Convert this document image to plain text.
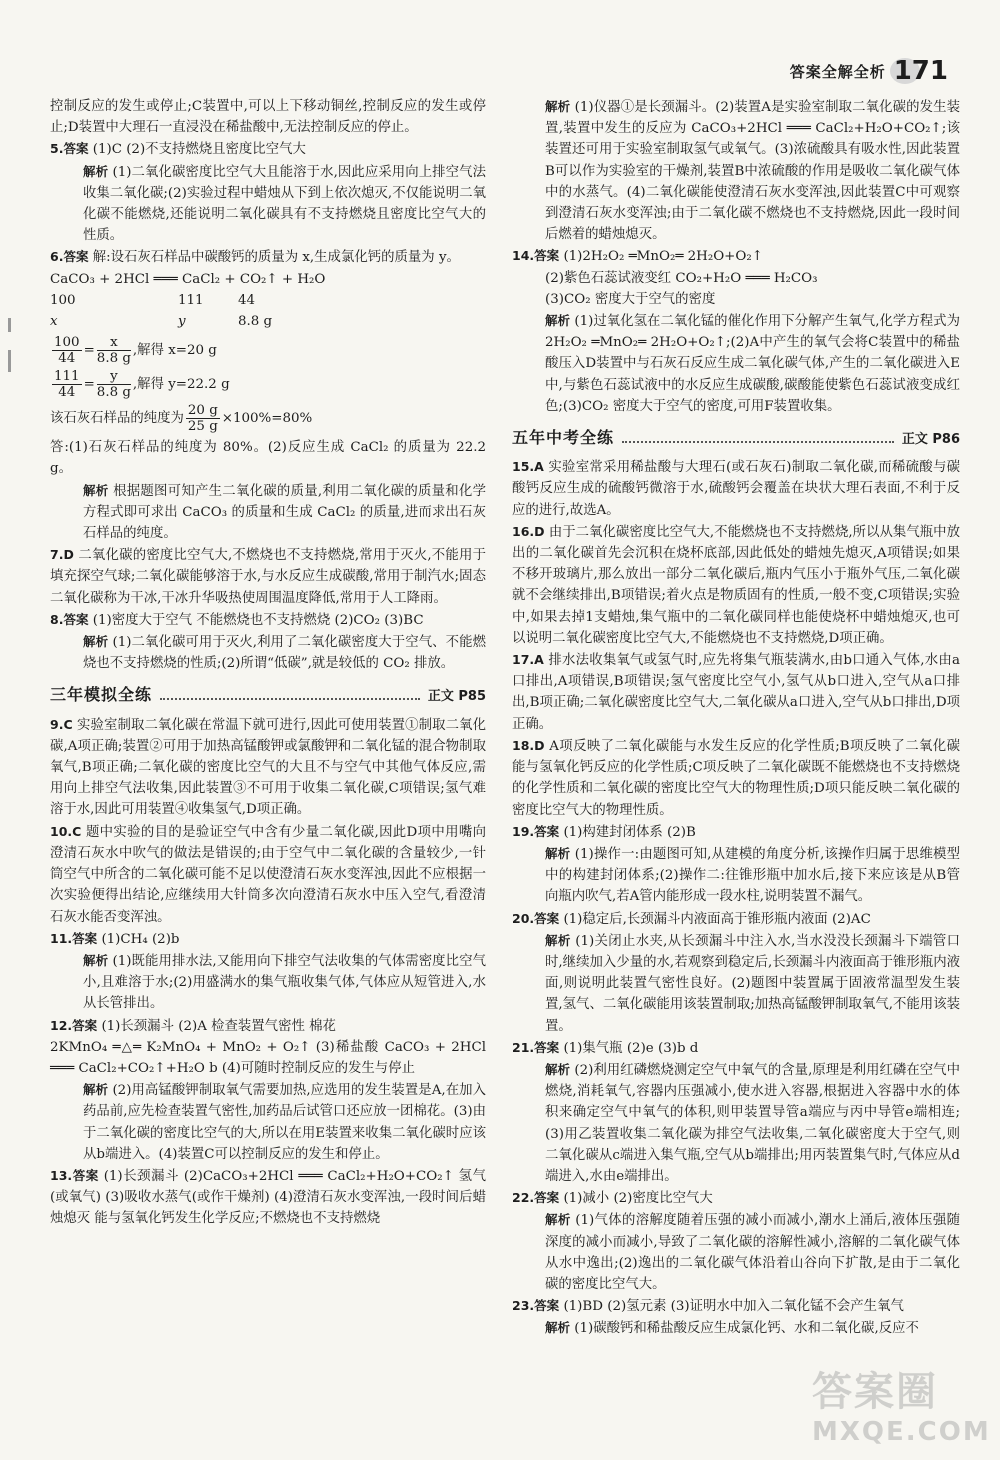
答案全解全析 171

控制反应的发生或停止;C装置中,可以上下移动铜丝,控制反应的发生或停止;D装置中大理石一直浸没在稀盐酸中,无法控制反应的停止。

5.答案 (1)C (2)不支持燃烧且密度比空气大

解析 (1)二氧化碳密度比空气大且能溶于水,因此应采用向上排空气法收集二氧化碳;(2)实验过程中蜡烛从下到上依次熄灭,不仅能说明二氧化碳不能燃烧,还能说明二氧化碳具有不支持燃烧且密度比空气大的性质。

6.答案 解:设石灰石样品中碳酸钙的质量为 x,生成氯化钙的质量为 y。

CaCO₃ + 2HCl ═══ CaCl₂ + CO₂↑ + H₂O

100	111	44
x	y	8.8 g

$\frac{100}{44} = \frac{x}{8.8 g}$ ,解得 x=20 g

$\frac{111}{44} = \frac{y}{8.8 g}$ ,解得 y=22.2 g

该石灰石样品的纯度为 $\frac{20 g}{25 g} \times 100\%=80\%$

答:(1)石灰石样品的纯度为 80%。(2)反应生成 CaCl₂ 的质量为 22.2 g。

解析 根据题图可知产生二氧化碳的质量,利用二氧化碳的质量和化学方程式即可求出 CaCO₃ 的质量和生成 CaCl₂ 的质量,进而求出石灰石样品的纯度。

7.D 二氧化碳的密度比空气大,不燃烧也不支持燃烧,常用于灭火,不能用于填充探空气球;二氧化碳能够溶于水,与水反应生成碳酸,常用于制汽水;固态二氧化碳称为干冰,干冰升华吸热使周围温度降低,常用于人工降雨。

8.答案 (1)密度大于空气 不能燃烧也不支持燃烧 (2)CO₂ (3)BC

解析 (1)二氧化碳可用于灭火,利用了二氧化碳密度大于空气、不能燃烧也不支持燃烧的性质;(2)所谓“低碳”,就是较低的 CO₂ 排放。

三年模拟全练	正文 P85

9.C 实验室制取二氧化碳在常温下就可进行,因此可使用装置①制取二氧化碳,A项正确;装置②可用于加热高锰酸钾或氯酸钾和二氧化锰的混合物制取氧气,B项正确;二氧化碳的密度比空气的大且不与空气中其他气体反应,需用向上排空气法收集,因此装置③不可用于收集二氧化碳,C项错误;氢气难溶于水,因此可用装置④收集氢气,D项正确。

10.C 题中实验的目的是验证空气中含有少量二氧化碳,因此D项中用嘴向澄清石灰水中吹气的做法是错误的;由于空气中二氧化碳的含量较少,一针筒空气中所含的二氧化碳可能不足以使澄清石灰水变浑浊,因此不应根据一次实验便得出结论,应继续用大针筒多次向澄清石灰水中压入空气,看澄清石灰水能否变浑浊。

11.答案 (1)CH₄ (2)b

解析 (1)既能用排水法,又能用向下排空气法收集的气体需密度比空气小,且难溶于水;(2)用盛满水的集气瓶收集气体,气体应从短管进入,水从长管排出。

12.答案 (1)长颈漏斗 (2)A 检查装置气密性 棉花

2KMnO₄ ═△═ K₂MnO₄ + MnO₂ + O₂↑ (3)稀盐酸 CaCO₃ + 2HCl ═══ CaCl₂+CO₂↑+H₂O b (4)可随时控制反应的发生与停止

解析 (2)用高锰酸钾制取氧气需要加热,应选用的发生装置是A,在加入药品前,应先检查装置气密性,加药品后试管口还应放一团棉花。(3)由于二氧化碳的密度比空气的大,所以在用E装置来收集二氧化碳时应该从b端进入。(4)装置C可以控制反应的发生和停止。

13.答案 (1)长颈漏斗 (2)CaCO₃+2HCl ═══ CaCl₂+H₂O+CO₂↑ 氢气(或氧气) (3)吸收水蒸气(或作干燥剂) (4)澄清石灰水变浑浊,一段时间后蜡烛熄灭 能与氢氧化钙发生化学反应;不燃烧也不支持燃烧

解析 (1)仪器①是长颈漏斗。(2)装置A是实验室制取二氧化碳的发生装置,装置中发生的反应为 CaCO₃+2HCl ═══ CaCl₂+H₂O+CO₂↑;该装置还可用于实验室制取氢气或氧气。(3)浓硫酸具有吸水性,因此装置B可以作为实验室的干燥剂,装置B中浓硫酸的作用是吸收二氧化碳气体中的水蒸气。(4)二氧化碳能使澄清石灰水变浑浊,因此装置C中可观察到澄清石灰水变浑浊;由于二氧化碳不燃烧也不支持燃烧,因此一段时间后燃着的蜡烛熄灭。

14.答案 (1)2H₂O₂ ═MnO₂═ 2H₂O+O₂↑

(2)紫色石蕊试液变红 CO₂+H₂O ═══ H₂CO₃

(3)CO₂ 密度大于空气的密度

解析 (1)过氧化氢在二氧化锰的催化作用下分解产生氧气,化学方程式为 2H₂O₂ ═MnO₂═ 2H₂O+O₂↑;(2)A中产生的氧气会将C装置中的稀盐酸压入D装置中与石灰石反应生成二氧化碳气体,产生的二氧化碳进入E中,与紫色石蕊试液中的水反应生成碳酸,碳酸能使紫色石蕊试液变成红色;(3)CO₂ 密度大于空气的密度,可用F装置收集。

五年中考全练	正文 P86

15.A 实验室常采用稀盐酸与大理石(或石灰石)制取二氧化碳,而稀硫酸与碳酸钙反应生成的硫酸钙微溶于水,硫酸钙会覆盖在块状大理石表面,不利于反应的进行,故选A。

16.D 由于二氧化碳密度比空气大,不能燃烧也不支持燃烧,所以从集气瓶中放出的二氧化碳首先会沉积在烧杯底部,因此低处的蜡烛先熄灭,A项错误;如果不移开玻璃片,那么放出一部分二氧化碳后,瓶内气压小于瓶外气压,二氧化碳就不会继续排出,B项错误;着火点是物质固有的性质,一般不变,C项错误;实验中,如果去掉1支蜡烛,集气瓶中的二氧化碳同样也能使烧杯中蜡烛熄灭,也可以说明二氧化碳密度比空气大,不能燃烧也不支持燃烧,D项正确。

17.A 排水法收集氧气或氢气时,应先将集气瓶装满水,由b口通入气体,水由a口排出,A项错误,B项错误;氢气密度比空气小,氢气从b口进入,空气从a口排出,B项正确;二氧化碳密度比空气大,二氧化碳从a口进入,空气从b口排出,D项正确。

18.D A项反映了二氧化碳能与水发生反应的化学性质;B项反映了二氧化碳能与氢氧化钙反应的化学性质;C项反映了二氧化碳既不能燃烧也不支持燃烧的化学性质和二氧化碳的密度比空气大的物理性质;D项只能反映二氧化碳的密度比空气大的物理性质。

19.答案 (1)构建封闭体系 (2)B

解析 (1)操作一:由题图可知,从建模的角度分析,该操作归属于思维模型中的构建封闭体系;(2)操作二:往锥形瓶中加水后,接下来应该是从B管向瓶内吹气,若A管内能形成一段水柱,说明装置不漏气。

20.答案 (1)稳定后,长颈漏斗内液面高于锥形瓶内液面 (2)AC

解析 (1)关闭止水夹,从长颈漏斗中注入水,当水没没长颈漏斗下端管口时,继续加入少量的水,若观察到稳定后,长颈漏斗内液面高于锥形瓶内液面,则说明此装置气密性良好。(2)题图中装置属于固液常温型发生装置,氢气、二氧化碳能用该装置制取;加热高锰酸钾制取氧气,不能用该装置。

21.答案 (1)集气瓶 (2)e (3)b d

解析 (2)利用红磷燃烧测定空气中氧气的含量,原理是利用红磷在空气中燃烧,消耗氧气,容器内压强减小,使水进入容器,根据进入容器中水的体积来确定空气中氧气的体积,则甲装置导管a端应与丙中导管e端相连;(3)用乙装置收集二氧化碳为排空气法收集,二氧化碳密度大于空气,则二氧化碳从c端进入集气瓶,空气从b端排出;用丙装置集气时,气体应从d端进入,水由e端排出。

22.答案 (1)减小 (2)密度比空气大

解析 (1)气体的溶解度随着压强的减小而减小,潮水上涌后,液体压强随深度的减小而减小,导致了二氧化碳的溶解性减小,溶解的二氧化碳气体从水中逸出;(2)逸出的二氧化碳气体沿着山谷向下扩散,是由于二氧化碳的密度比空气大。

23.答案 (1)BD (2)氢元素 (3)证明水中加入二氧化锰不会产生氧气

解析 (1)碳酸钙和稀盐酸反应生成氯化钙、水和二氧化碳,反应不

答案圈
MXQE.COM
